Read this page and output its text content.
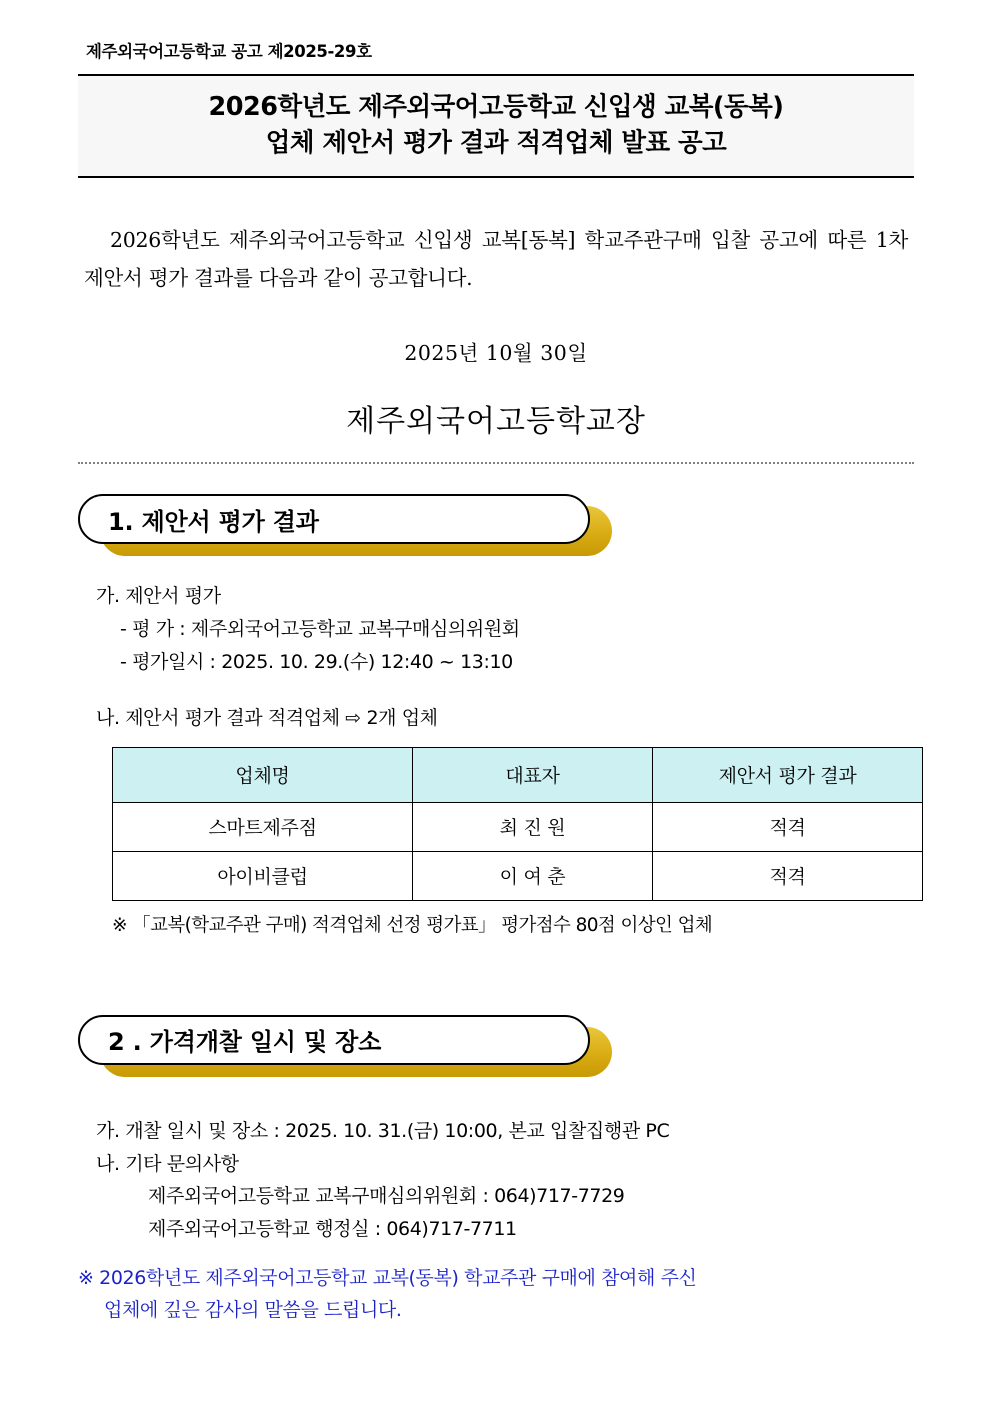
제주외국어고등학교 공고 제2025-29호
2026학년도 제주외국어고등학교 신입생 교복(동복)
업체 제안서 평가 결과 적격업체 발표 공고
2026학년도 제주외국어고등학교 신입생 교복[동복] 학교주관구매 입찰 공고에 따른 1차 제안서 평가 결과를 다음과 같이 공고합니다.
2025년 10월 30일
제주외국어고등학교장
1. 제안서 평가 결과
가. 제안서 평가
- 평 가 : 제주외국어고등학교 교복구매심의위원회
- 평가일시 : 2025. 10. 29.(수) 12:40 ~ 13:10
나. 제안서 평가 결과 적격업체 ⇨ 2개 업체
업체명	대표자	제안서 평가 결과
스마트제주점	최 진 원	적격
아이비클럽	이 여 춘	적격
※ 「교복(학교주관 구매) 적격업체 선정 평가표」 평가점수 80점 이상인 업체
2 . 가격개찰 일시 및 장소
가. 개찰 일시 및 장소 : 2025. 10. 31.(금) 10:00, 본교 입찰집행관 PC
나. 기타 문의사항
제주외국어고등학교 교복구매심의위원회 : 064)717-7729
제주외국어고등학교 행정실 : 064)717-7711
※ 2026학년도 제주외국어고등학교 교복(동복) 학교주관 구매에 참여해 주신
업체에 깊은 감사의 말씀을 드립니다.
